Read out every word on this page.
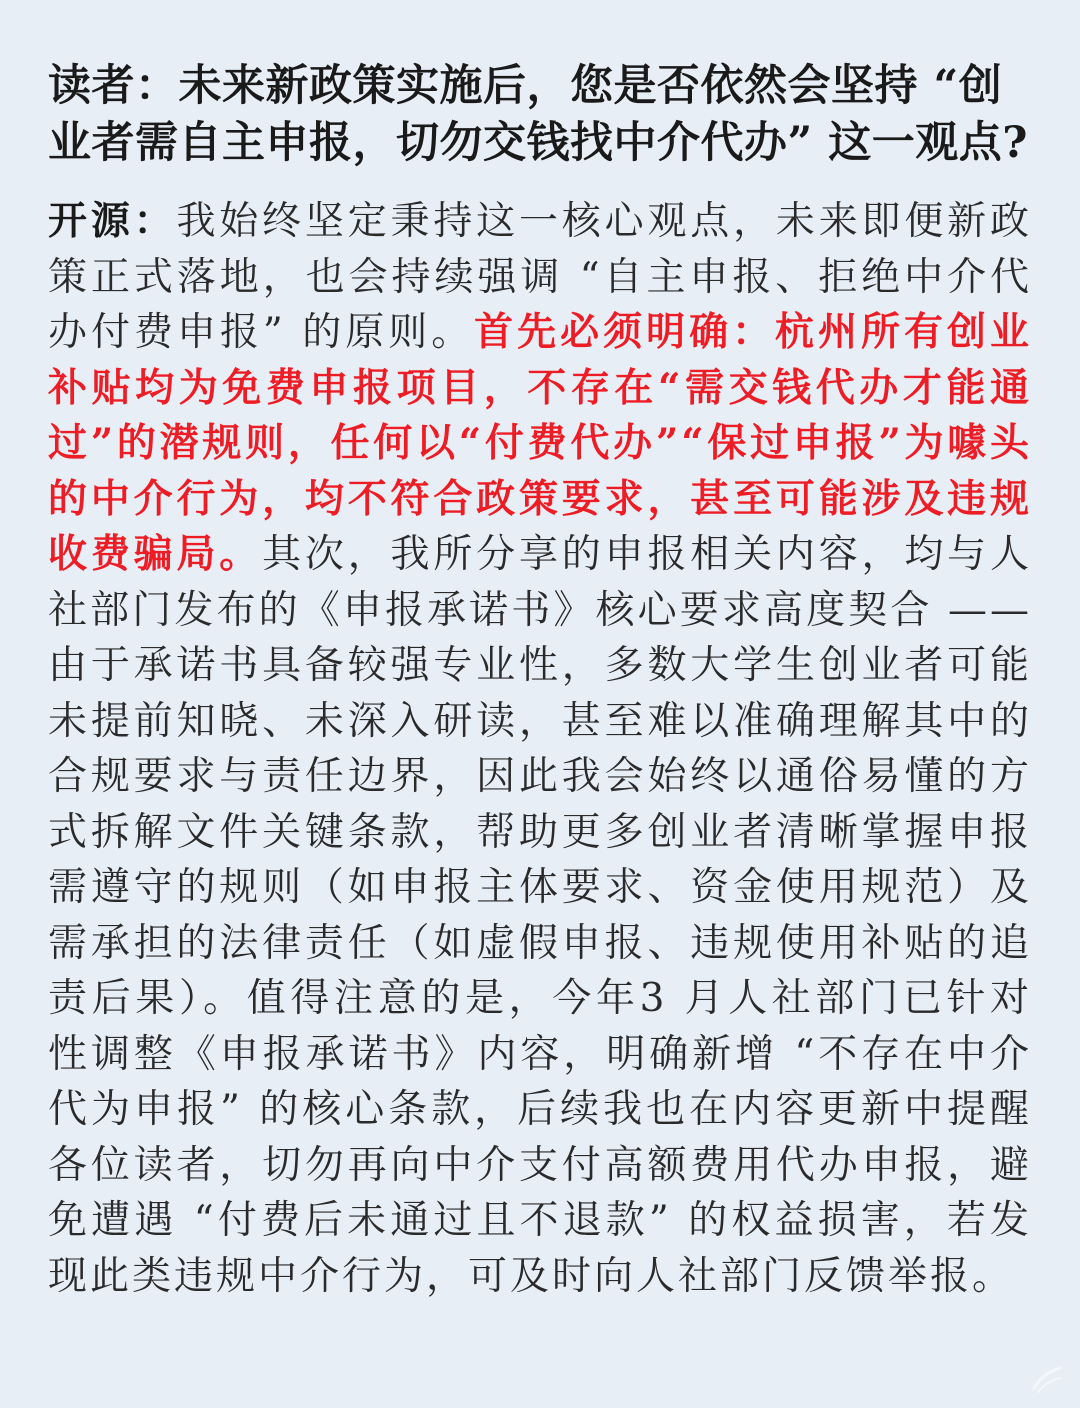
读者：未来新政策实施后，您是否依然会坚持 “创业者需自主申报，切勿交钱找中介代办” 这一观点?

开源：我始终坚定秉持这一核心观点，未来即便新政策正式落地，也会持续强调 “自主申报、拒绝中介代办付费申报” 的原则。首先必须明确：杭州所有创业补贴均为免费申报项目，不存在“需交钱代办才能通过”的潜规则，任何以“付费代办”“保过申报”为噱头的中介行为，均不符合政策要求，甚至可能涉及违规收费骗局。其次，我所分享的申报相关内容，均与人社部门发布的《申报承诺书》核心要求高度契合 —— 由于承诺书具备较强专业性，多数大学生创业者可能未提前知晓、未深入研读，甚至难以准确理解其中的合规要求与责任边界，因此我会始终以通俗易懂的方式拆解文件关键条款，帮助更多创业者清晰掌握申报需遵守的规则（如申报主体要求、资金使用规范）及需承担的法律责任（如虚假申报、违规使用补贴的追责后果）。值得注意的是，今年3 月人社部门已针对性调整《申报承诺书》内容，明确新增 “不存在中介代为申报” 的核心条款，后续我也在内容更新中提醒各位读者，切勿再向中介支付高额费用代办申报，避免遭遇 “付费后未通过且不退款” 的权益损害，若发现此类违规中介行为，可及时向人社部门反馈举报。
